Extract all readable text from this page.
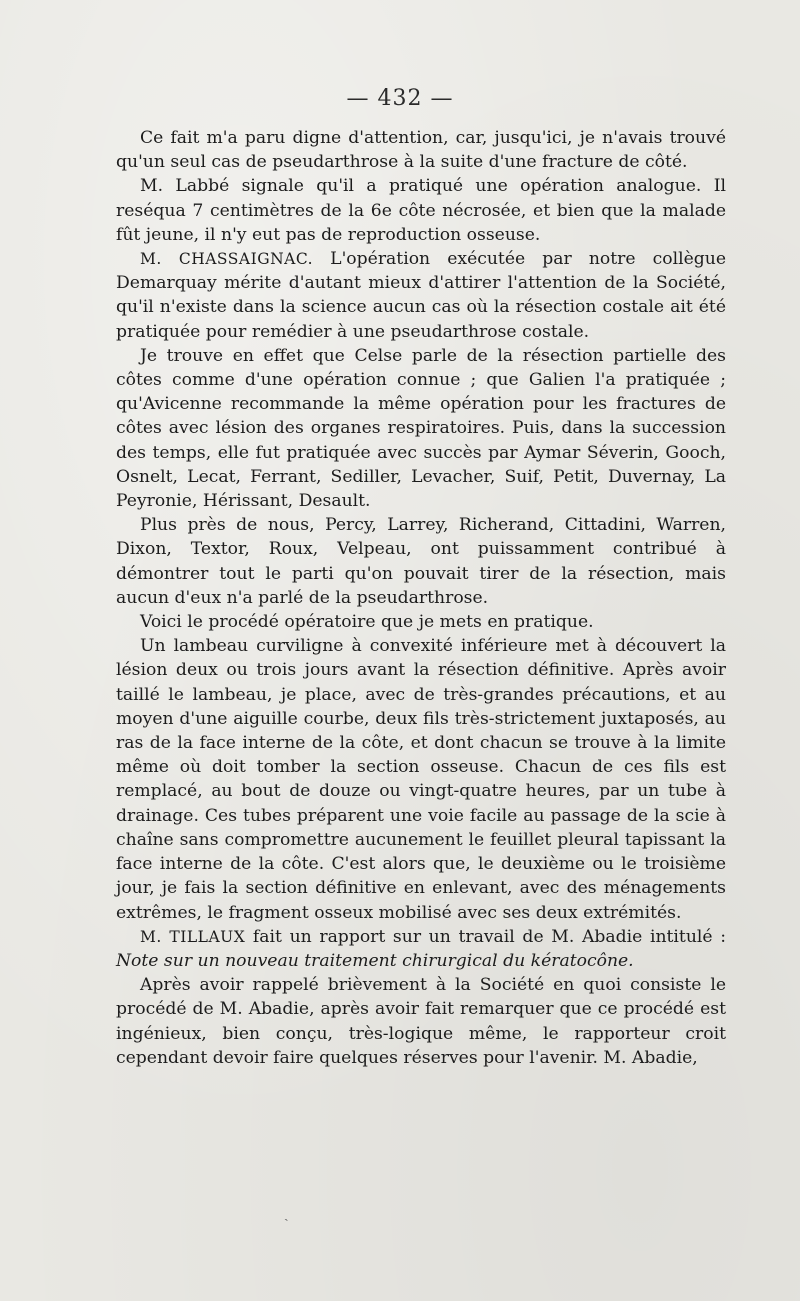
— 432 —

Ce fait m'a paru digne d'attention, car, jusqu'ici, je n'avais trouvé qu'un seul cas de pseudarthrose à la suite d'une fracture de côté.

M. Labbé signale qu'il a pratiqué une opération analogue. Il reséqua 7 centimètres de la 6e côte nécrosée, et bien que la malade fût jeune, il n'y eut pas de reproduction osseuse.

M. CHASSAIGNAC. L'opération exécutée par notre collègue Demarquay mérite d'autant mieux d'attirer l'attention de la Société, qu'il n'existe dans la science aucun cas où la résection costale ait été pratiquée pour remédier à une pseudarthrose costale.

Je trouve en effet que Celse parle de la résection partielle des côtes comme d'une opération connue ; que Galien l'a pratiquée ; qu'Avicenne recommande la même opération pour les fractures de côtes avec lésion des organes respiratoires. Puis, dans la succession des temps, elle fut pratiquée avec succès par Aymar Séverin, Gooch, Osnelt, Lecat, Ferrant, Sediller, Levacher, Suif, Petit, Duvernay, La Peyronie, Hérissant, Desault.

Plus près de nous, Percy, Larrey, Richerand, Cittadini, Warren, Dixon, Textor, Roux, Velpeau, ont puissamment contribué à démontrer tout le parti qu'on pouvait tirer de la résection, mais aucun d'eux n'a parlé de la pseudarthrose.

Voici le procédé opératoire que je mets en pratique.

Un lambeau curviligne à convexité inférieure met à découvert la lésion deux ou trois jours avant la résection définitive. Après avoir taillé le lambeau, je place, avec de très-grandes précautions, et au moyen d'une aiguille courbe, deux fils très-strictement juxtaposés, au ras de la face interne de la côte, et dont chacun se trouve à la limite même où doit tomber la section osseuse. Chacun de ces fils est remplacé, au bout de douze ou vingt-quatre heures, par un tube à drainage. Ces tubes préparent une voie facile au passage de la scie à chaîne sans compromettre aucunement le feuillet pleural tapissant la face interne de la côte. C'est alors que, le deuxième ou le troisième jour, je fais la section définitive en enlevant, avec des ménagements extrêmes, le fragment osseux mobilisé avec ses deux extrémités.

M. TILLAUX fait un rapport sur un travail de M. Abadie intitulé : Note sur un nouveau traitement chirurgical du kératocône.

Après avoir rappelé brièvement à la Société en quoi consiste le procédé de M. Abadie, après avoir fait remarquer que ce procédé est ingénieux, bien conçu, très-logique même, le rapporteur croit cependant devoir faire quelques réserves pour l'avenir. M. Abadie,

ˏ
